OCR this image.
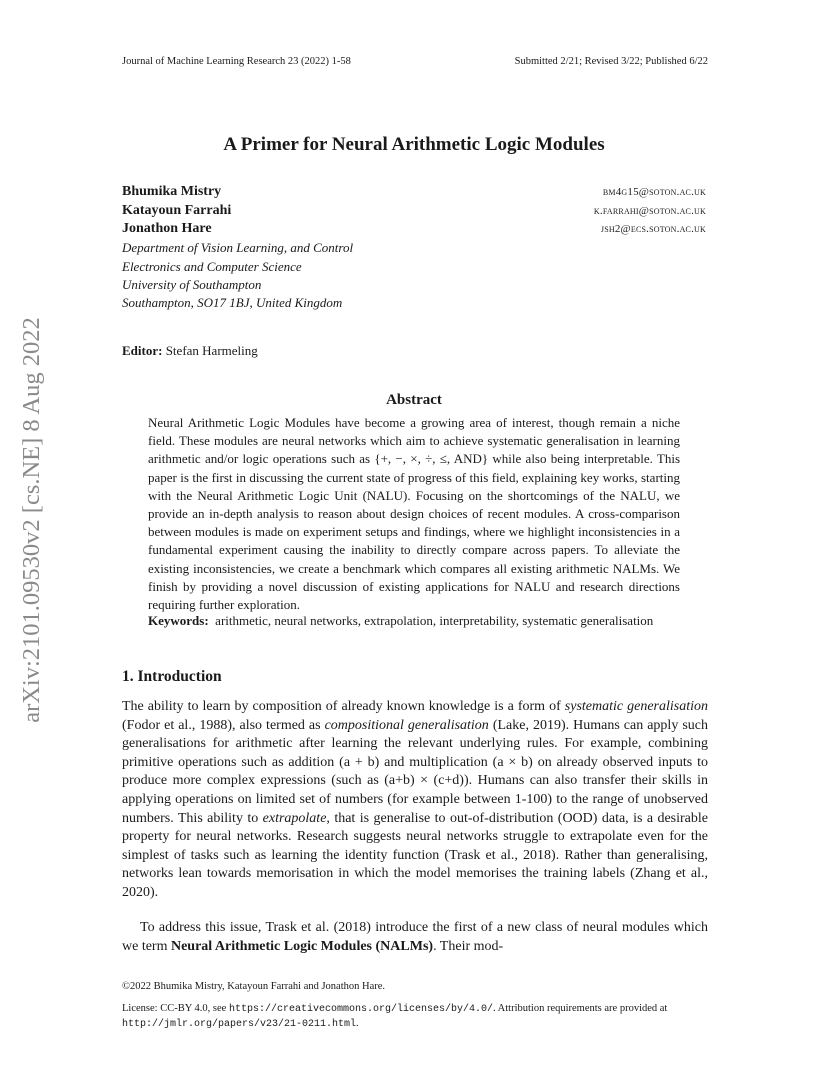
Journal of Machine Learning Research 23 (2022) 1-58	Submitted 2/21; Revised 3/22; Published 6/22
arXiv:2101.09530v2 [cs.NE] 8 Aug 2022
A Primer for Neural Arithmetic Logic Modules
Bhumika Mistry	bm4g15@soton.ac.uk
Katayoun Farrahi	k.farrahi@soton.ac.uk
Jonathon Hare	jsh2@ecs.soton.ac.uk
Department of Vision Learning, and Control
Electronics and Computer Science
University of Southampton
Southampton, SO17 1BJ, United Kingdom
Editor: Stefan Harmeling
Abstract
Neural Arithmetic Logic Modules have become a growing area of interest, though remain a niche field. These modules are neural networks which aim to achieve systematic generalisation in learning arithmetic and/or logic operations such as {+, −, ×, ÷, ≤, AND} while also being interpretable. This paper is the first in discussing the current state of progress of this field, explaining key works, starting with the Neural Arithmetic Logic Unit (NALU). Focusing on the shortcomings of the NALU, we provide an in-depth analysis to reason about design choices of recent modules. A cross-comparison between modules is made on experiment setups and findings, where we highlight inconsistencies in a fundamental experiment causing the inability to directly compare across papers. To alleviate the existing inconsistencies, we create a benchmark which compares all existing arithmetic NALMs. We finish by providing a novel discussion of existing applications for NALU and research directions requiring further exploration.
Keywords: arithmetic, neural networks, extrapolation, interpretability, systematic generalisation
1. Introduction
The ability to learn by composition of already known knowledge is a form of systematic generalisation (Fodor et al., 1988), also termed as compositional generalisation (Lake, 2019). Humans can apply such generalisations for arithmetic after learning the relevant underlying rules. For example, combining primitive operations such as addition (a + b) and multiplication (a × b) on already observed inputs to produce more complex expressions (such as (a+b) × (c+d)). Humans can also transfer their skills in applying operations on limited set of numbers (for example between 1-100) to the range of unobserved numbers. This ability to extrapolate, that is generalise to out-of-distribution (OOD) data, is a desirable property for neural networks. Research suggests neural networks struggle to extrapolate even for the simplest of tasks such as learning the identity function (Trask et al., 2018). Rather than generalising, networks lean towards memorisation in which the model memorises the training labels (Zhang et al., 2020).
To address this issue, Trask et al. (2018) introduce the first of a new class of neural modules which we term Neural Arithmetic Logic Modules (NALMs). Their mod-
©2022 Bhumika Mistry, Katayoun Farrahi and Jonathon Hare.
License: CC-BY 4.0, see https://creativecommons.org/licenses/by/4.0/. Attribution requirements are provided at http://jmlr.org/papers/v23/21-0211.html.
